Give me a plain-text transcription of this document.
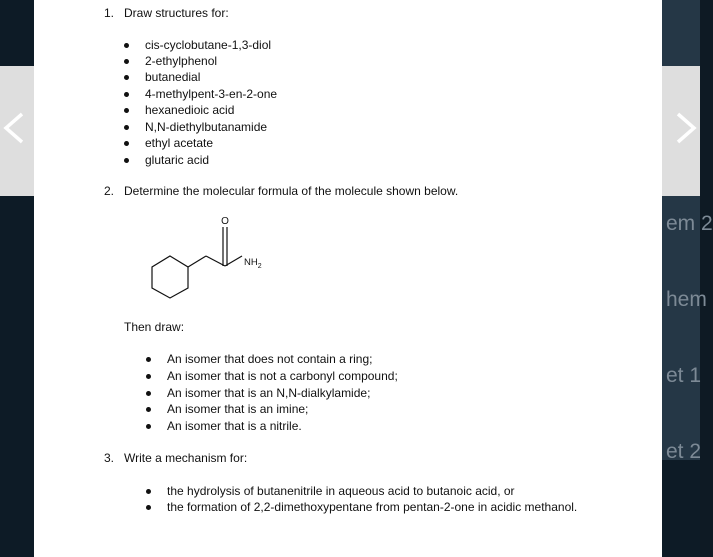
em 2
hem
et 1
et 2
1. Draw structures for:
cis-cyclobutane-1,3-diol
2-ethylphenol
butanedial
4-methylpent-3-en-2-one
hexanedioic acid
N,N-diethylbutanamide
ethyl acetate
glutaric acid
2. Determine the molecular formula of the molecule shown below.
O
$NH_2$
Then draw:
An isomer that does not contain a ring;
An isomer that is not a carbonyl compound;
An isomer that is an N,N-dialkylamide;
An isomer that is an imine;
An isomer that is a nitrile.
3. Write a mechanism for:
the hydrolysis of butanenitrile in aqueous acid to butanoic acid, or
the formation of 2,2-dimethoxypentane from pentan-2-one in acidic methanol.
